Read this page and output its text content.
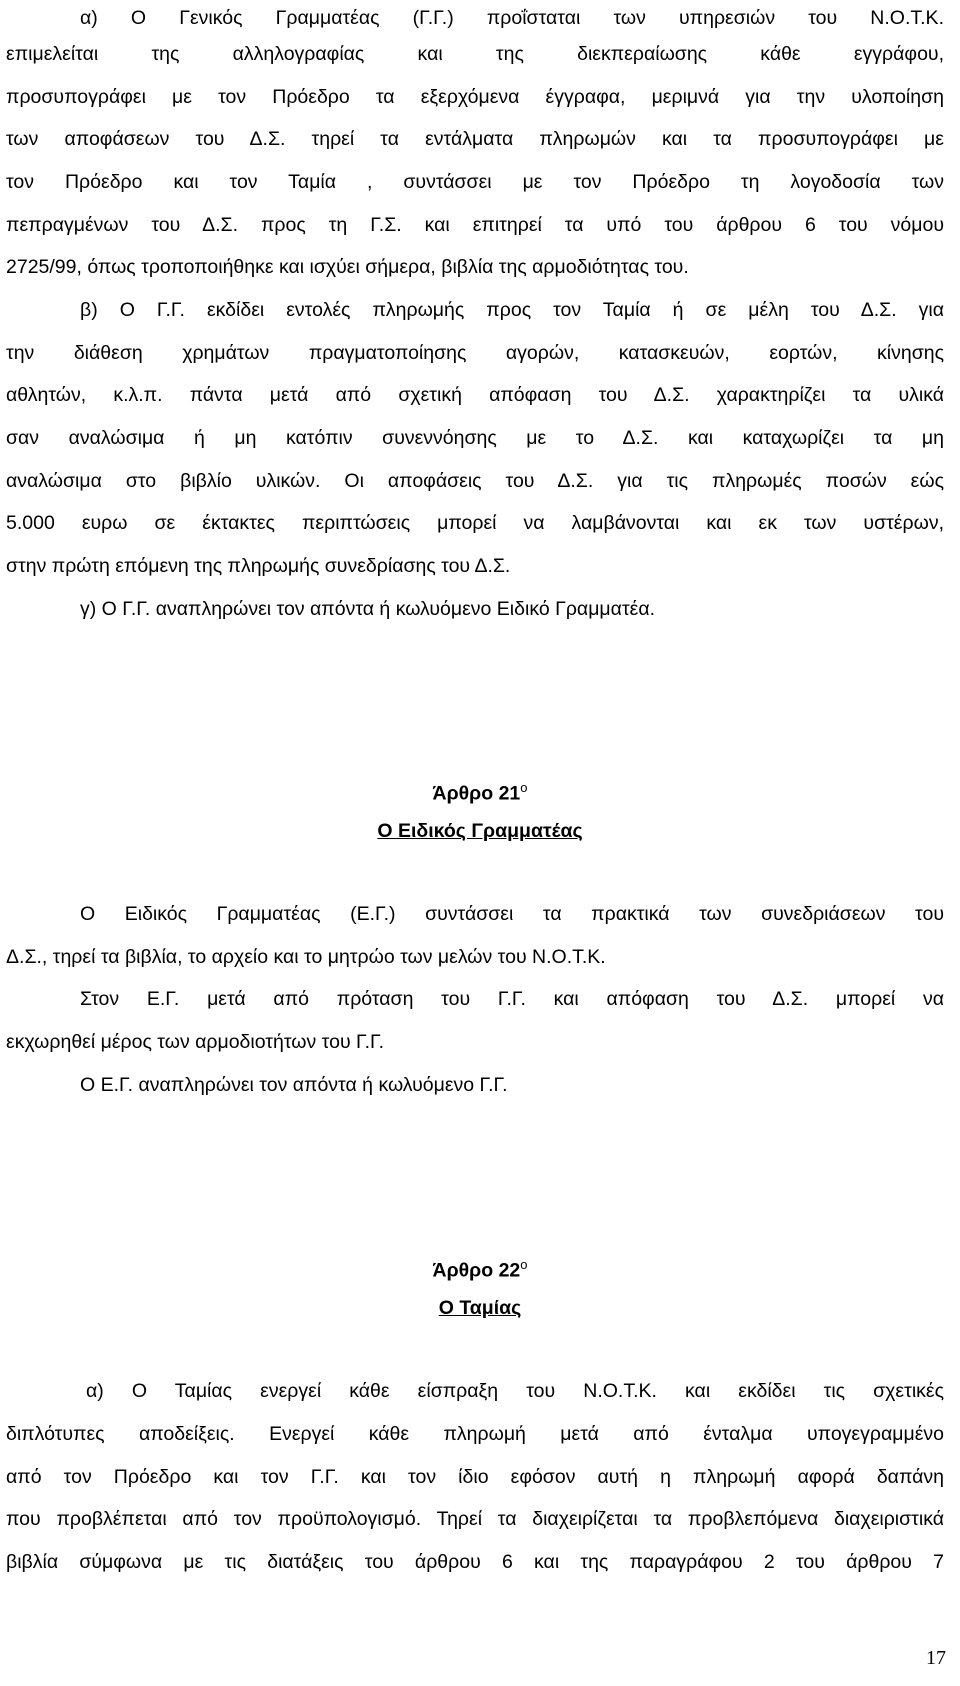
α) Ο Γενικός Γραμματέας (Γ.Γ.) προΐσταται των υπηρεσιών του Ν.Ο.Τ.Κ.
επιμελείται της αλληλογραφίας και της διεκπεραίωσης κάθε εγγράφου,
προσυπογράφει με τον Πρόεδρο τα εξερχόμενα έγγραφα, μεριμνά για την υλοποίηση
των αποφάσεων του Δ.Σ. τηρεί τα εντάλματα πληρωμών και τα προσυπογράφει με
τον Πρόεδρο και τον Ταμία , συντάσσει με τον Πρόεδρο τη λογοδοσία των
πεπραγμένων του Δ.Σ. προς τη Γ.Σ. και επιτηρεί τα υπό του άρθρου 6 του νόμου
2725/99, όπως τροποποιήθηκε και ισχύει σήμερα, βιβλία της αρμοδιότητας του.
β) Ο Γ.Γ. εκδίδει εντολές πληρωμής προς τον Ταμία ή σε μέλη του Δ.Σ. για
την διάθεση χρημάτων πραγματοποίησης αγορών, κατασκευών, εορτών, κίνησης
αθλητών, κ.λ.π. πάντα μετά από σχετική απόφαση του Δ.Σ. χαρακτηρίζει τα υλικά
σαν αναλώσιμα ή μη κατόπιν συνεννόησης με το Δ.Σ. και καταχωρίζει τα μη
αναλώσιμα στο βιβλίο υλικών. Οι αποφάσεις του Δ.Σ. για τις πληρωμές ποσών εώς
5.000 ευρω σε έκτακτες περιπτώσεις μπορεί να λαμβάνονται και εκ των υστέρων,
στην πρώτη επόμενη της πληρωμής συνεδρίασης του Δ.Σ.
γ) Ο Γ.Γ. αναπληρώνει τον απόντα ή κωλυόμενο Ειδικό Γραμματέα.
Άρθρο $21^o$
Ο Ειδικός Γραμματέας
Ο Ειδικός Γραμματέας (Ε.Γ.) συντάσσει τα πρακτικά των συνεδριάσεων του
Δ.Σ., τηρεί τα βιβλία, το αρχείο και το μητρώο των μελών του Ν.Ο.Τ.Κ.
Στον Ε.Γ. μετά από πρόταση του Γ.Γ. και απόφαση του Δ.Σ. μπορεί να
εκχωρηθεί μέρος των αρμοδιοτήτων του Γ.Γ.
Ο Ε.Γ. αναπληρώνει τον απόντα ή κωλυόμενο Γ.Γ.
Άρθρο $22^o$
Ο Ταμίας
α) Ο Ταμίας ενεργεί κάθε είσπραξη του Ν.Ο.Τ.Κ. και εκδίδει τις σχετικές
διπλότυπες αποδείξεις. Ενεργεί κάθε πληρωμή μετά από ένταλμα υπογεγραμμένο
από τον Πρόεδρο και τον Γ.Γ. και τον ίδιο εφόσον αυτή η πληρωμή αφορά δαπάνη
που προβλέπεται από τον προϋπολογισμό. Τηρεί τα διαχειρίζεται τα προβλεπόμενα διαχειριστικά
βιβλία σύμφωνα με τις διατάξεις του άρθρου 6 και της παραγράφου 2 του άρθρου 7
17
